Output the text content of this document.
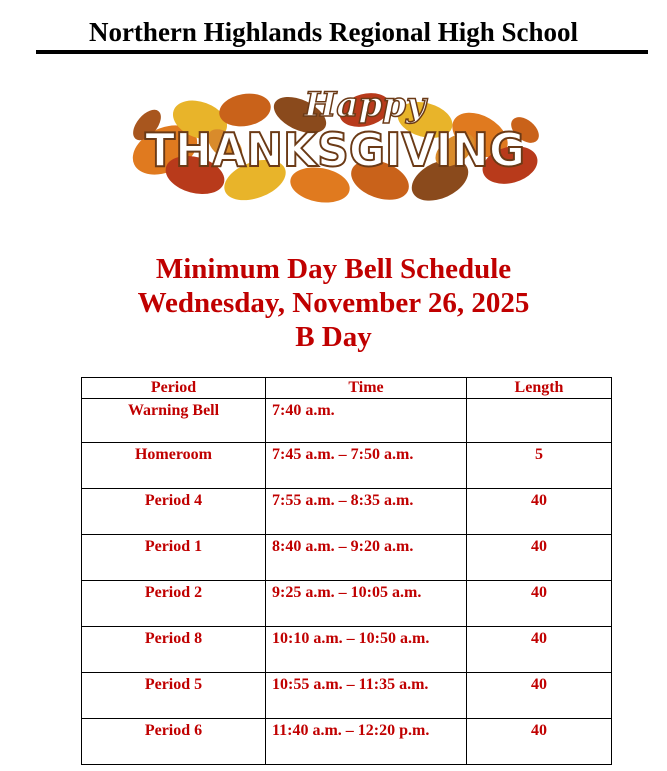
Northern Highlands Regional High School
Happy
THANKSGIVING
Minimum Day Bell Schedule
Wednesday, November 26, 2025
B Day
Period	Time	Length
Warning Bell	7:40 a.m.	
Homeroom	7:45 a.m. – 7:50 a.m.	5
Period 4	7:55 a.m. – 8:35 a.m.	40
Period 1	8:40 a.m. – 9:20 a.m.	40
Period 2	9:25 a.m. – 10:05 a.m.	40
Period 8	10:10 a.m. – 10:50 a.m.	40
Period 5	10:55 a.m. – 11:35 a.m.	40
Period 6	11:40 a.m. – 12:20 p.m.	40
